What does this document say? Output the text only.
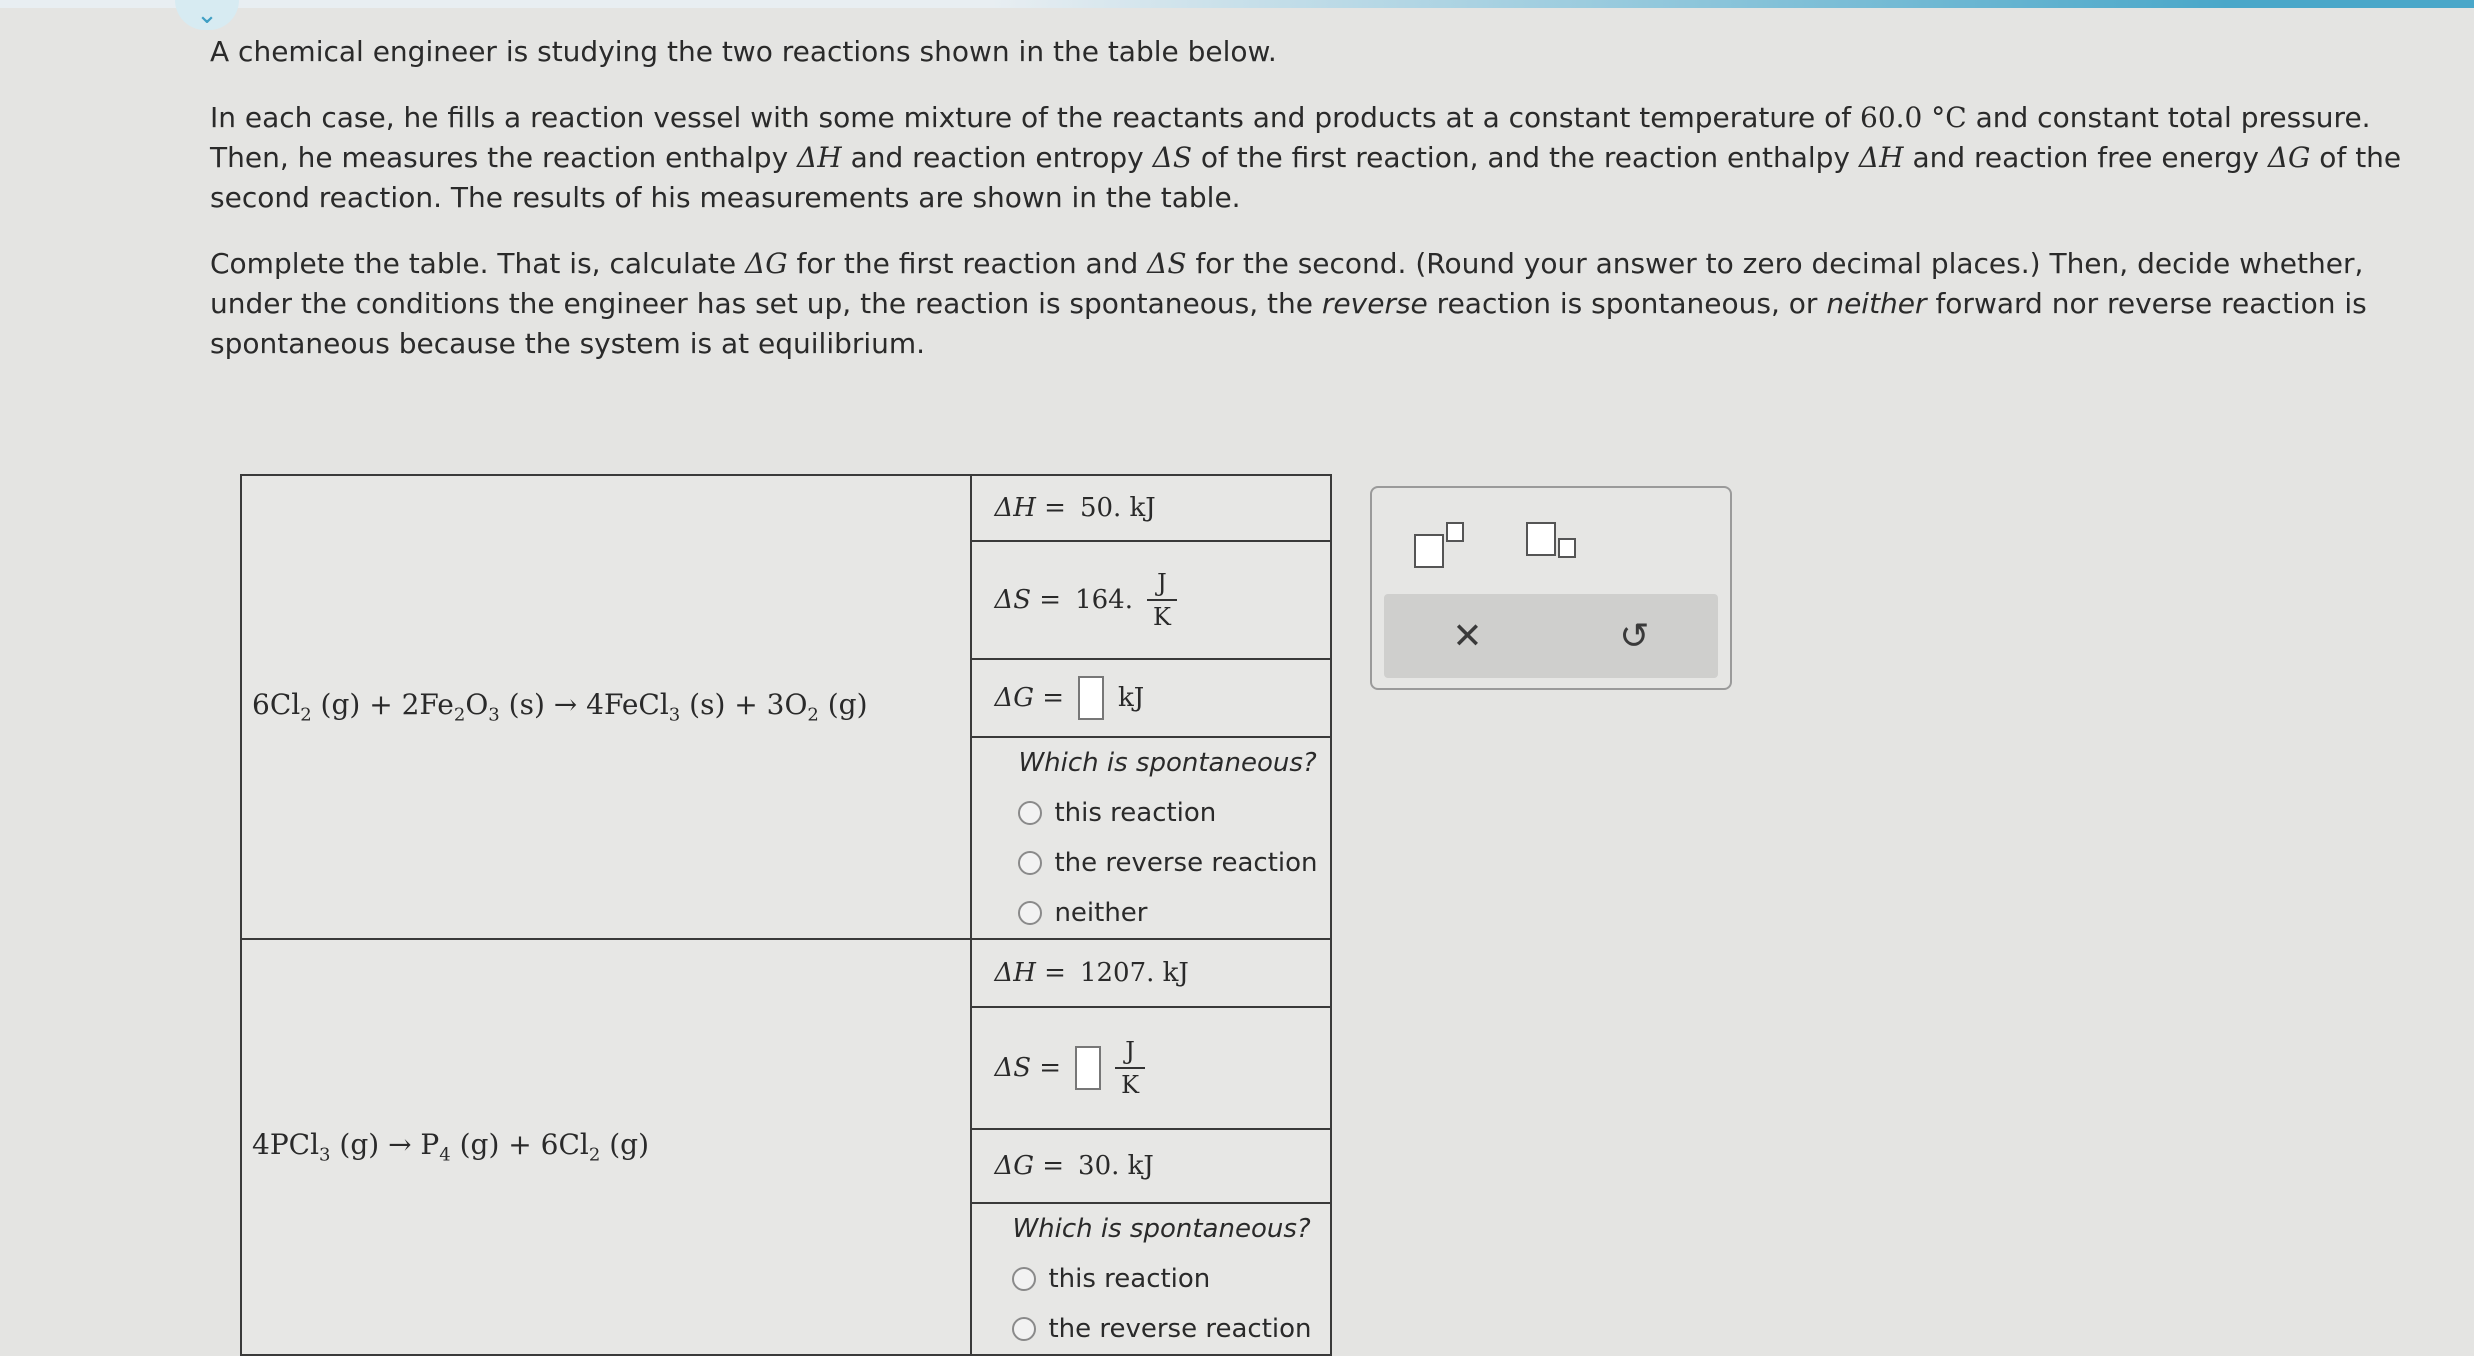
⌄

A chemical engineer is studying the two reactions shown in the table below.

In each case, he fills a reaction vessel with some mixture of the reactants and products at a constant temperature of 60.0 °C and constant total pressure. Then, he measures the reaction enthalpy ΔH and reaction entropy ΔS of the first reaction, and the reaction enthalpy ΔH and reaction free energy ΔG of the second reaction. The results of his measurements are shown in the table.

Complete the table. That is, calculate ΔG for the first reaction and ΔS for the second. (Round your answer to zero decimal places.) Then, decide whether, under the conditions the engineer has set up, the reaction is spontaneous, the reverse reaction is spontaneous, or neither forward nor reverse reaction is spontaneous because the system is at equilibrium.

$6Cl_2$ $(g) + 2Fe_2O_3$ (s) → 4FeCl$_3$ $(s) + 3O_2$ (g)	ΔH = 50. kJ

	ΔS = 164. $\frac{J}{K}$

	ΔG = kJ

	Which is spontaneous?
this reaction
the reverse reaction
neither

4PCl$_3$ $(g) \to P_4$ $(g) + 6Cl_2$ (g)	ΔH = 1207. kJ

	$\Delta S = \frac{J}{K}$

	ΔG = 30. kJ

	Which is spontaneous?
this reaction
the reverse reaction
✕	↺
